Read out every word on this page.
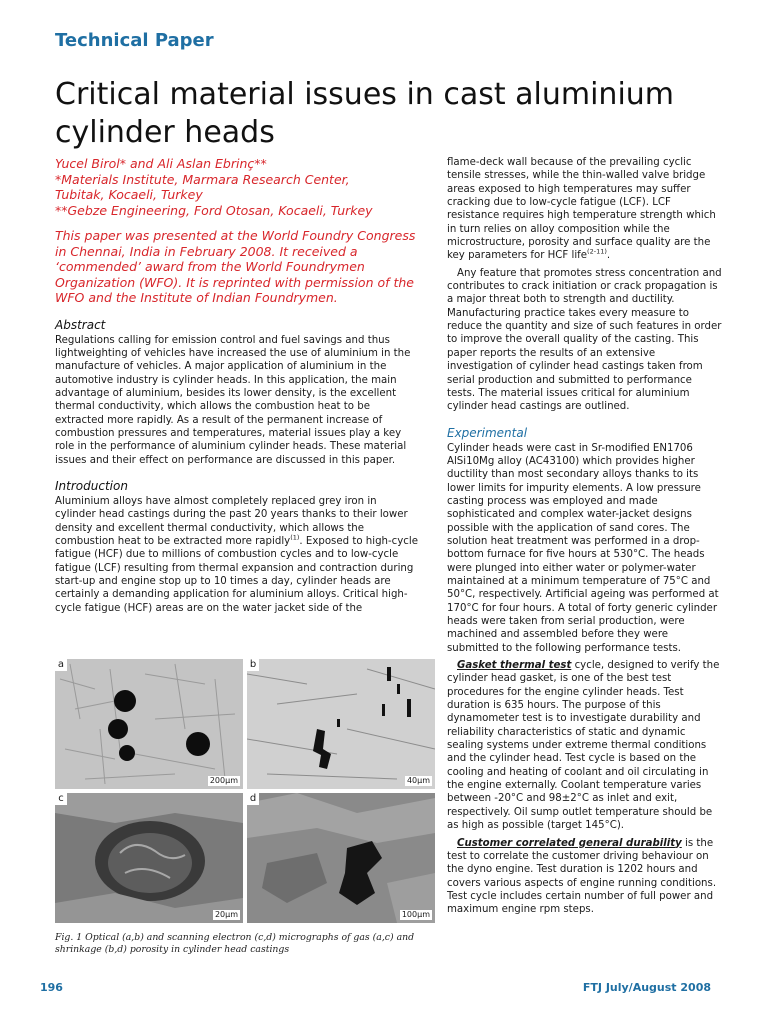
Technical Paper
Critical material issues in cast aluminium cylinder heads
Yucel Birol* and Ali Aslan Ebrinç**
*Materials Institute, Marmara Research Center,
Tubitak, Kocaeli, Turkey
**Gebze Engineering, Ford Otosan, Kocaeli, Turkey
This paper was presented at the World Foundry Congress in Chennai, India in February 2008. It received a ‘commended’ award from the World Foundrymen Organization (WFO). It is reprinted with permission of the WFO and the Institute of Indian Foundrymen.
Abstract

Regulations calling for emission control and fuel savings and thus lightweighting of vehicles have increased the use of aluminium in the manufacture of vehicles. A major application of aluminium in the automotive industry is cylinder heads. In this application, the main advantage of aluminium, besides its lower density, is the excellent thermal conductivity, which allows the combustion heat to be extracted more rapidly. As a result of the permanent increase of combustion pressures and temperatures, material issues play a key role in the performance of aluminium cylinder heads. These material issues and their effect on performance are discussed in this paper.

Introduction

Aluminium alloys have almost completely replaced grey iron in cylinder head castings during the past 20 years thanks to their lower density and excellent thermal conductivity, which allows the combustion heat to be extracted more rapidly$^{(1)}$. Exposed to high-cycle fatigue (HCF) due to millions of combustion cycles and to low-cycle fatigue (LCF) resulting from thermal expansion and contraction during start-up and engine stop up to 10 times a day, cylinder heads are certainly a demanding application for aluminium alloys. Critical high-cycle fatigue (HCF) areas are on the water jacket side of the

flame-deck wall because of the prevailing cyclic tensile stresses, while the thin-walled valve bridge areas exposed to high temperatures may suffer cracking due to low-cycle fatigue (LCF). LCF resistance requires high temperature strength which in turn relies on alloy composition while the microstructure, porosity and surface quality are the key parameters for HCF life$^{(2-11)}$.

Any feature that promotes stress concentration and contributes to crack initiation or crack propagation is a major threat both to strength and ductility. Manufacturing practice takes every measure to reduce the quantity and size of such features in order to improve the overall quality of the casting. This paper reports the results of an extensive investigation of cylinder head castings taken from serial production and submitted to performance tests. The material issues critical for aluminium cylinder head castings are outlined.

Experimental

Cylinder heads were cast in Sr-modified EN1706 AlSi10Mg alloy (AC43100) which provides higher ductility than most secondary alloys thanks to its lower limits for impurity elements. A low pressure casting process was employed and made sophisticated and complex water-jacket designs possible with the application of sand cores. The solution heat treatment was performed in a drop-bottom furnace for five hours at 530°C. The heads were plunged into either water or polymer-water maintained at a minimum temperature of 75°C and 50°C, respectively. Artificial ageing was performed at 170°C for four hours. A total of forty generic cylinder heads were taken from serial production, were machined and assembled before they were submitted to the following performance tests.

Gasket thermal test cycle, designed to verify the cylinder head gasket, is one of the best test procedures for the engine cylinder heads. Test duration is 635 hours. The purpose of this dynamometer test is to investigate durability and reliability characteristics of static and dynamic sealing systems under extreme thermal conditions and the cylinder head. Test cycle is based on the cooling and heating of coolant and oil circulating in the engine externally. Coolant temperature varies between -20°C and 98±2°C as inlet and exit, respectively. Oil sump outlet temperature should be as high as possible (target 145°C).

Customer correlated general durability is the test to correlate the customer driving behaviour on the dyno engine. Test duration is 1202 hours and covers various aspects of engine running conditions. Test cycle includes certain number of full power and maximum engine rpm steps.

a
200µm
b
40µm
c
20µm
d
100µm
Fig. 1 Optical (a,b) and scanning electron (c,d) micrographs of gas (a,c) and shrinkage (b,d) porosity in cylinder head castings
196	FTJ July/August 2008
